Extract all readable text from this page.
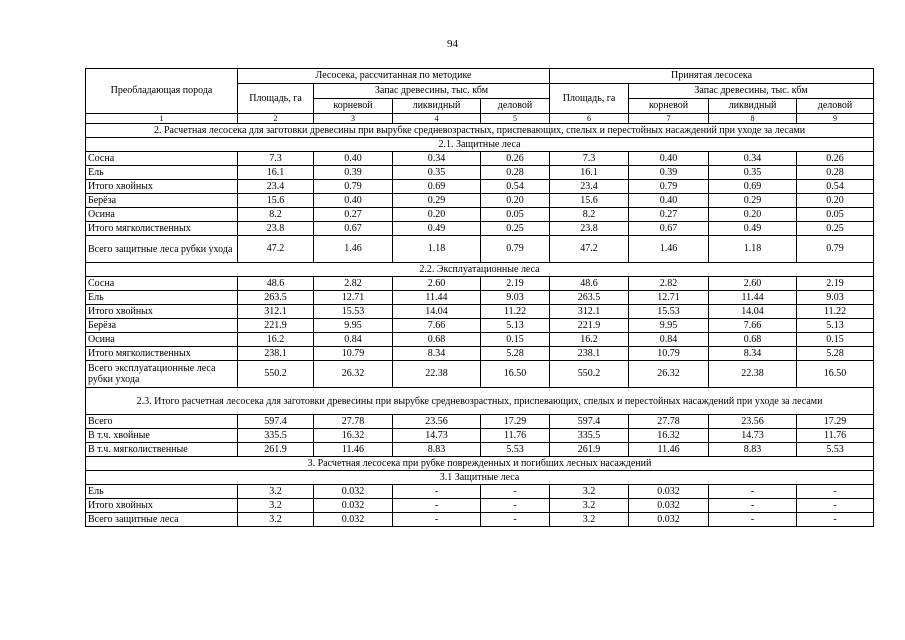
94
Преобладающая порода	Лесосека, рассчитанная по методике				Принятая лесосека			
	Площадь, га	Запас древесины, тыс. кбм			Площадь, га	Запас древесины, тыс. кбм		
		корневой	ликвидный	деловой		корневой	ликвидный	деловой
1	2	3	4	5	6	7	8	9
2. Расчетная лесосека для заготовки древесины при вырубке средневозрастных, приспевающих, спелых и перестойных насаждений при уходе за лесами								
2.1. Защитные леса								
Сосна	7.3	0.40	0.34	0.26	7.3	0.40	0.34	0.26
Ель	16.1	0.39	0.35	0.28	16.1	0.39	0.35	0.28
Итого хвойных	23.4	0.79	0.69	0.54	23.4	0.79	0.69	0.54
Берёза	15.6	0.40	0.29	0.20	15.6	0.40	0.29	0.20
Осина	8.2	0.27	0.20	0.05	8.2	0.27	0.20	0.05
Итого мягколиственных	23.8	0.67	0.49	0.25	23.8	0.67	0.49	0.25
Всего защитные леса рубки ухода	47.2	1.46	1.18	0.79	47.2	1.46	1.18	0.79
2.2. Эксплуатационные леса								
Сосна	48.6	2.82	2.60	2.19	48.6	2.82	2.60	2.19
Ель	263.5	12.71	11.44	9.03	263.5	12.71	11.44	9.03
Итого хвойных	312.1	15.53	14.04	11.22	312.1	15.53	14.04	11.22
Берёза	221.9	9.95	7.66	5.13	221.9	9.95	7.66	5.13
Осина	16.2	0.84	0.68	0.15	16.2	0.84	0.68	0.15
Итого мягколиственных	238.1	10.79	8.34	5.28	238.1	10.79	8.34	5.28
Всего эксплуатационные леса рубки ухода	550.2	26.32	22.38	16.50	550.2	26.32	22.38	16.50
2.3. Итого расчетная лесосека для заготовки древесины при вырубке средневозрастных, приспевающих, спелых и перестойных насаждений при уходе за лесами								
Всего	597.4	27.78	23.56	17.29	597.4	27.78	23.56	17.29
В т.ч. хвойные	335.5	16.32	14.73	11.76	335.5	16.32	14.73	11.76
В т.ч. мягколиственные	261.9	11.46	8.83	5.53	261.9	11.46	8.83	5.53
3. Расчетная лесосека при рубке поврежденных и погибших лесных насаждений								
3.1 Защитные леса								
Ель	3.2	0.032	-	-	3.2	0.032	-	-
Итого хвойных	3.2	0.032	-	-	3.2	0.032	-	-
Всего защитные леса	3.2	0.032	-	-	3.2	0.032	-	-
